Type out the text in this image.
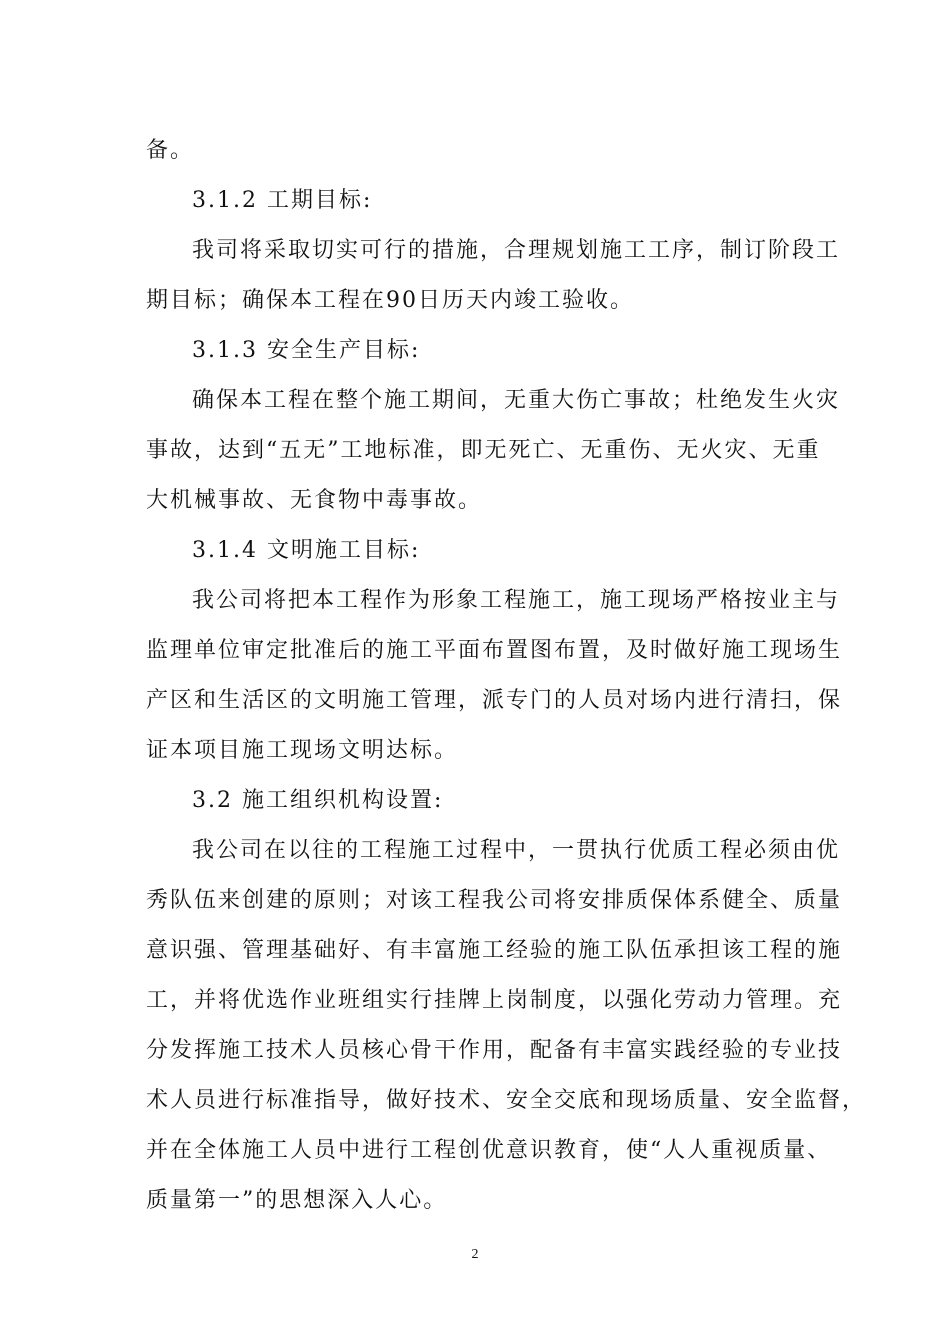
备。
3.1.2 工期目标:
我司将采取切实可行的措施，合理规划施工工序，制订阶段工
期目标；确保本工程在90日历天内竣工验收。
3.1.3 安全生产目标:
确保本工程在整个施工期间，无重大伤亡事故；杜绝发生火灾
事故，达到“五无”工地标准，即无死亡、无重伤、无火灾、无重
大机械事故、无食物中毒事故。
3.1.4 文明施工目标:
我公司将把本工程作为形象工程施工，施工现场严格按业主与
监理单位审定批准后的施工平面布置图布置，及时做好施工现场生
产区和生活区的文明施工管理，派专门的人员对场内进行清扫，保
证本项目施工现场文明达标。
3.2 施工组织机构设置:
我公司在以往的工程施工过程中，一贯执行优质工程必须由优
秀队伍来创建的原则；对该工程我公司将安排质保体系健全、质量
意识强、管理基础好、有丰富施工经验的施工队伍承担该工程的施
工，并将优选作业班组实行挂牌上岗制度，以强化劳动力管理。充
分发挥施工技术人员核心骨干作用，配备有丰富实践经验的专业技
术人员进行标准指导，做好技术、安全交底和现场质量、安全监督，
并在全体施工人员中进行工程创优意识教育，使“人人重视质量、
质量第一”的思想深入人心。
2
